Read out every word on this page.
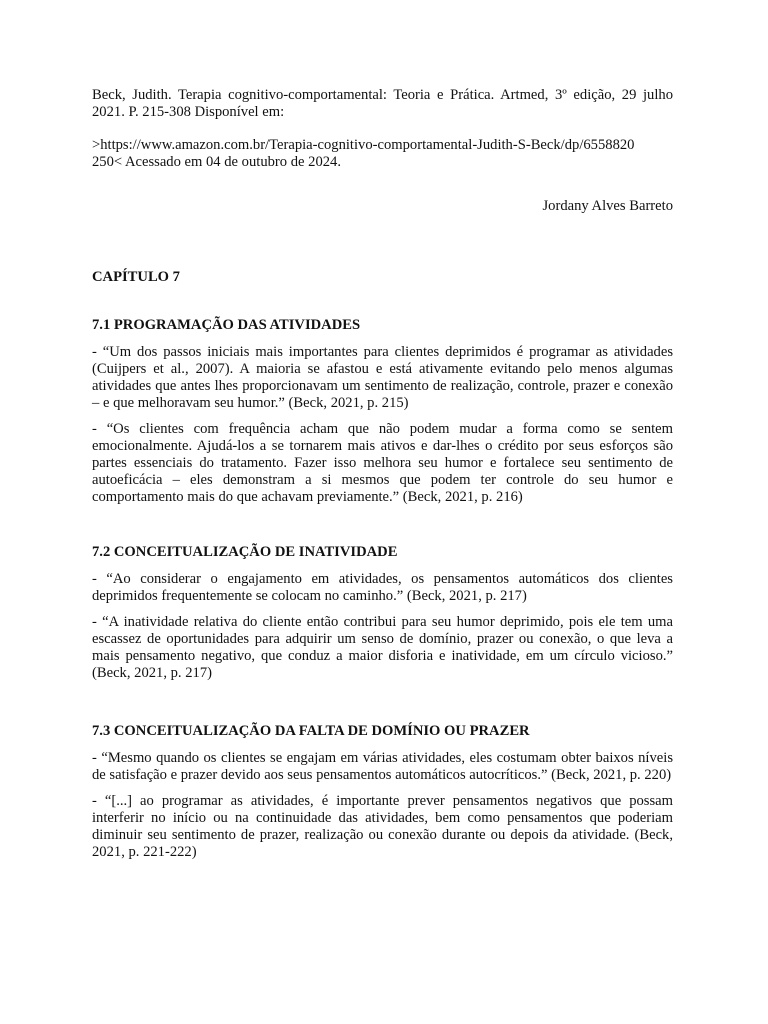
Beck, Judith. Terapia cognitivo-comportamental: Teoria e Prática. Artmed, 3º edição, 29 julho 2021. P. 215-308 Disponível em:

>https://www.amazon.com.br/Terapia-cognitivo-comportamental-Judith-S-Beck/dp/6558820
250< Acessado em 04 de outubro de 2024.

Jordany Alves Barreto

CAPÍTULO 7

7.1 PROGRAMAÇÃO DAS ATIVIDADES

- “Um dos passos iniciais mais importantes para clientes deprimidos é programar as atividades (Cuijpers et al., 2007). A maioria se afastou e está ativamente evitando pelo menos algumas atividades que antes lhes proporcionavam um sentimento de realização, controle, prazer e conexão – e que melhoravam seu humor.” (Beck, 2021, p. 215)

- “Os clientes com frequência acham que não podem mudar a forma como se sentem emocionalmente. Ajudá-los a se tornarem mais ativos e dar-lhes o crédito por seus esforços são partes essenciais do tratamento. Fazer isso melhora seu humor e fortalece seu sentimento de autoeficácia – eles demonstram a si mesmos que podem ter controle do seu humor e comportamento mais do que achavam previamente.” (Beck, 2021, p. 216)

7.2 CONCEITUALIZAÇÃO DE INATIVIDADE

- “Ao considerar o engajamento em atividades, os pensamentos automáticos dos clientes deprimidos frequentemente se colocam no caminho.” (Beck, 2021, p. 217)

- “A inatividade relativa do cliente então contribui para seu humor deprimido, pois ele tem uma escassez de oportunidades para adquirir um senso de domínio, prazer ou conexão, o que leva a mais pensamento negativo, que conduz a maior disforia e inatividade, em um círculo vicioso.” (Beck, 2021, p. 217)

7.3 CONCEITUALIZAÇÃO DA FALTA DE DOMÍNIO OU PRAZER

- “Mesmo quando os clientes se engajam em várias atividades, eles costumam obter baixos níveis de satisfação e prazer devido aos seus pensamentos automáticos autocríticos.” (Beck, 2021, p. 220)

- “[...] ao programar as atividades, é importante prever pensamentos negativos que possam interferir no início ou na continuidade das atividades, bem como pensamentos que poderiam diminuir seu sentimento de prazer, realização ou conexão durante ou depois da atividade. (Beck, 2021, p. 221-222)
